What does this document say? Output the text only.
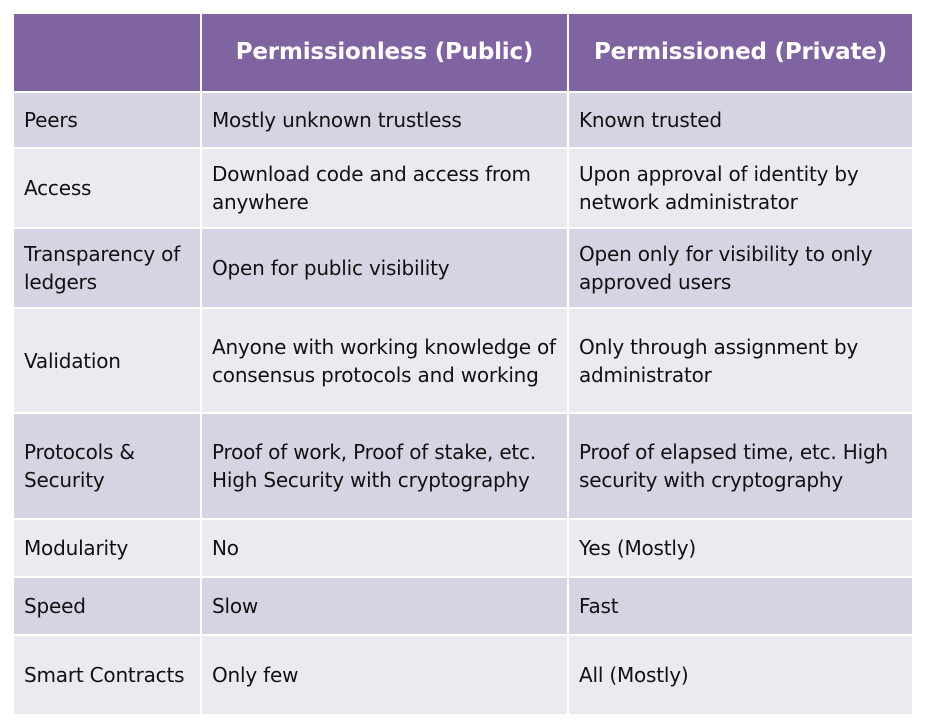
	Permissionless (Public)	Permissioned (Private)
Peers	Mostly unknown trustless	Known trusted
Access	Download code and access from anywhere	Upon approval of identity by network administrator
Transparency of ledgers	Open for public visibility	Open only for visibility to only approved users
Validation	Anyone with working knowledge of consensus protocols and working	Only through assignment by administrator
Protocols & Security	Proof of work, Proof of stake, etc. High Security with cryptography	Proof of elapsed time, etc. High security with cryptography
Modularity	No	Yes (Mostly)
Speed	Slow	Fast
Smart Contracts	Only few	All (Mostly)
